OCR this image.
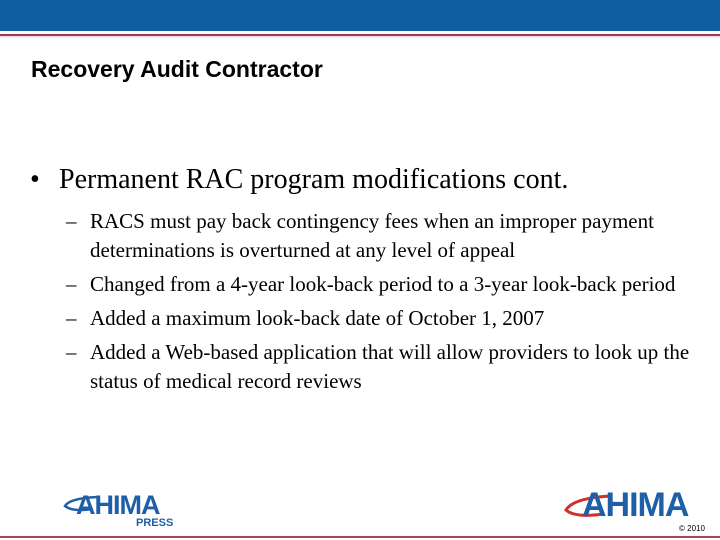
Recovery Audit Contractor
• Permanent RAC program modifications cont.
– RACS must pay back contingency fees when an improper payment determinations is overturned at any level of appeal
– Changed from a 4-year look-back period to a 3-year look-back period
– Added a maximum look-back date of October 1, 2007
– Added a Web-based application that will allow providers to look up the status of medical record reviews
AHIMA
PRESS	AHIMA
© 2010
